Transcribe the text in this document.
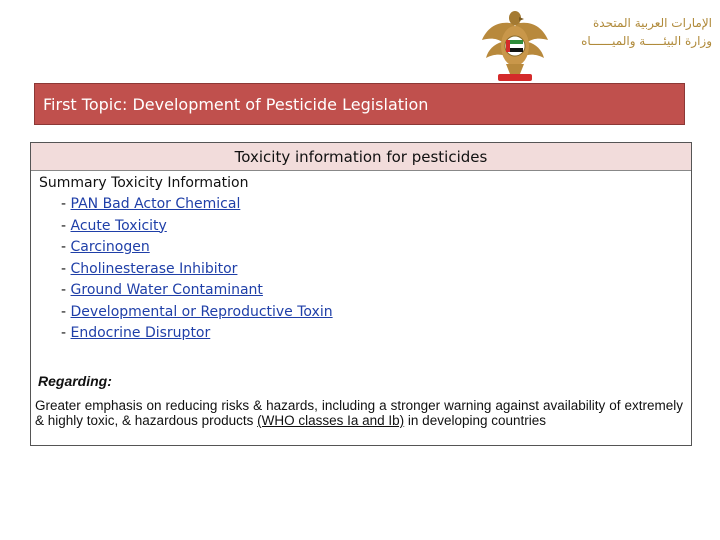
الإمارات العربية المتحدة
وزارة البيئـــــة والميــــــاه
First Topic: Development of Pesticide Legislation
Toxicity information for pesticides
Summary Toxicity Information
- PAN Bad Actor Chemical
- Acute Toxicity
- Carcinogen
- Cholinesterase Inhibitor
- Ground Water Contaminant
- Developmental or Reproductive Toxin
- Endocrine Disruptor
Regarding:
Greater emphasis on reducing risks & hazards, including a stronger warning against availability of extremely & highly toxic, & hazardous products (WHO classes Ia and Ib) in developing countries
